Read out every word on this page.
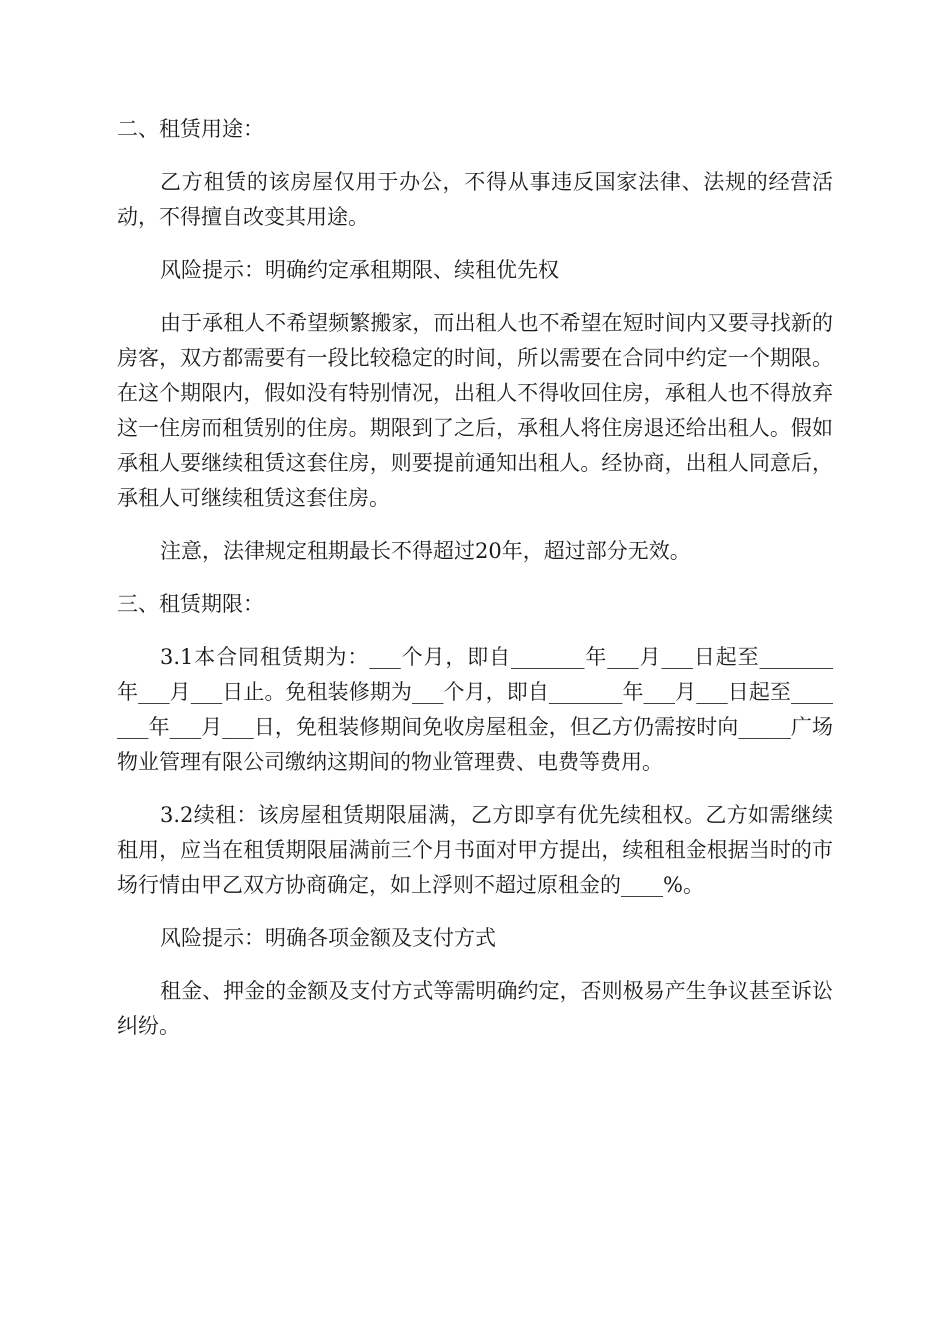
二、租赁用途：

乙方租赁的该房屋仅用于办公，不得从事违反国家法律、法规的经营活动，不得擅自改变其用途。

风险提示：明确约定承租期限、续租优先权

由于承租人不希望频繁搬家，而出租人也不希望在短时间内又要寻找新的房客，双方都需要有一段比较稳定的时间，所以需要在合同中约定一个期限。在这个期限内，假如没有特别情况，出租人不得收回住房，承租人也不得放弃这一住房而租赁别的住房。期限到了之后，承租人将住房退还给出租人。假如承租人要继续租赁这套住房，则要提前通知出租人。经协商，出租人同意后，承租人可继续租赁这套住房。

注意，法律规定租期最长不得超过20年，超过部分无效。

三、租赁期限：

3.1本合同租赁期为：___个月，即自_______年___月___日起至_______年___月___日止。免租装修期为___个月，即自_______年___月___日起至_______年___月___日，免租装修期间免收房屋租金，但乙方仍需按时向_____广场物业管理有限公司缴纳这期间的物业管理费、电费等费用。

3.2续租：该房屋租赁期限届满，乙方即享有优先续租权。乙方如需继续租用，应当在租赁期限届满前三个月书面对甲方提出，续租租金根据当时的市场行情由甲乙双方协商确定，如上浮则不超过原租金的____%。

风险提示：明确各项金额及支付方式

租金、押金的金额及支付方式等需明确约定，否则极易产生争议甚至诉讼纠纷。
